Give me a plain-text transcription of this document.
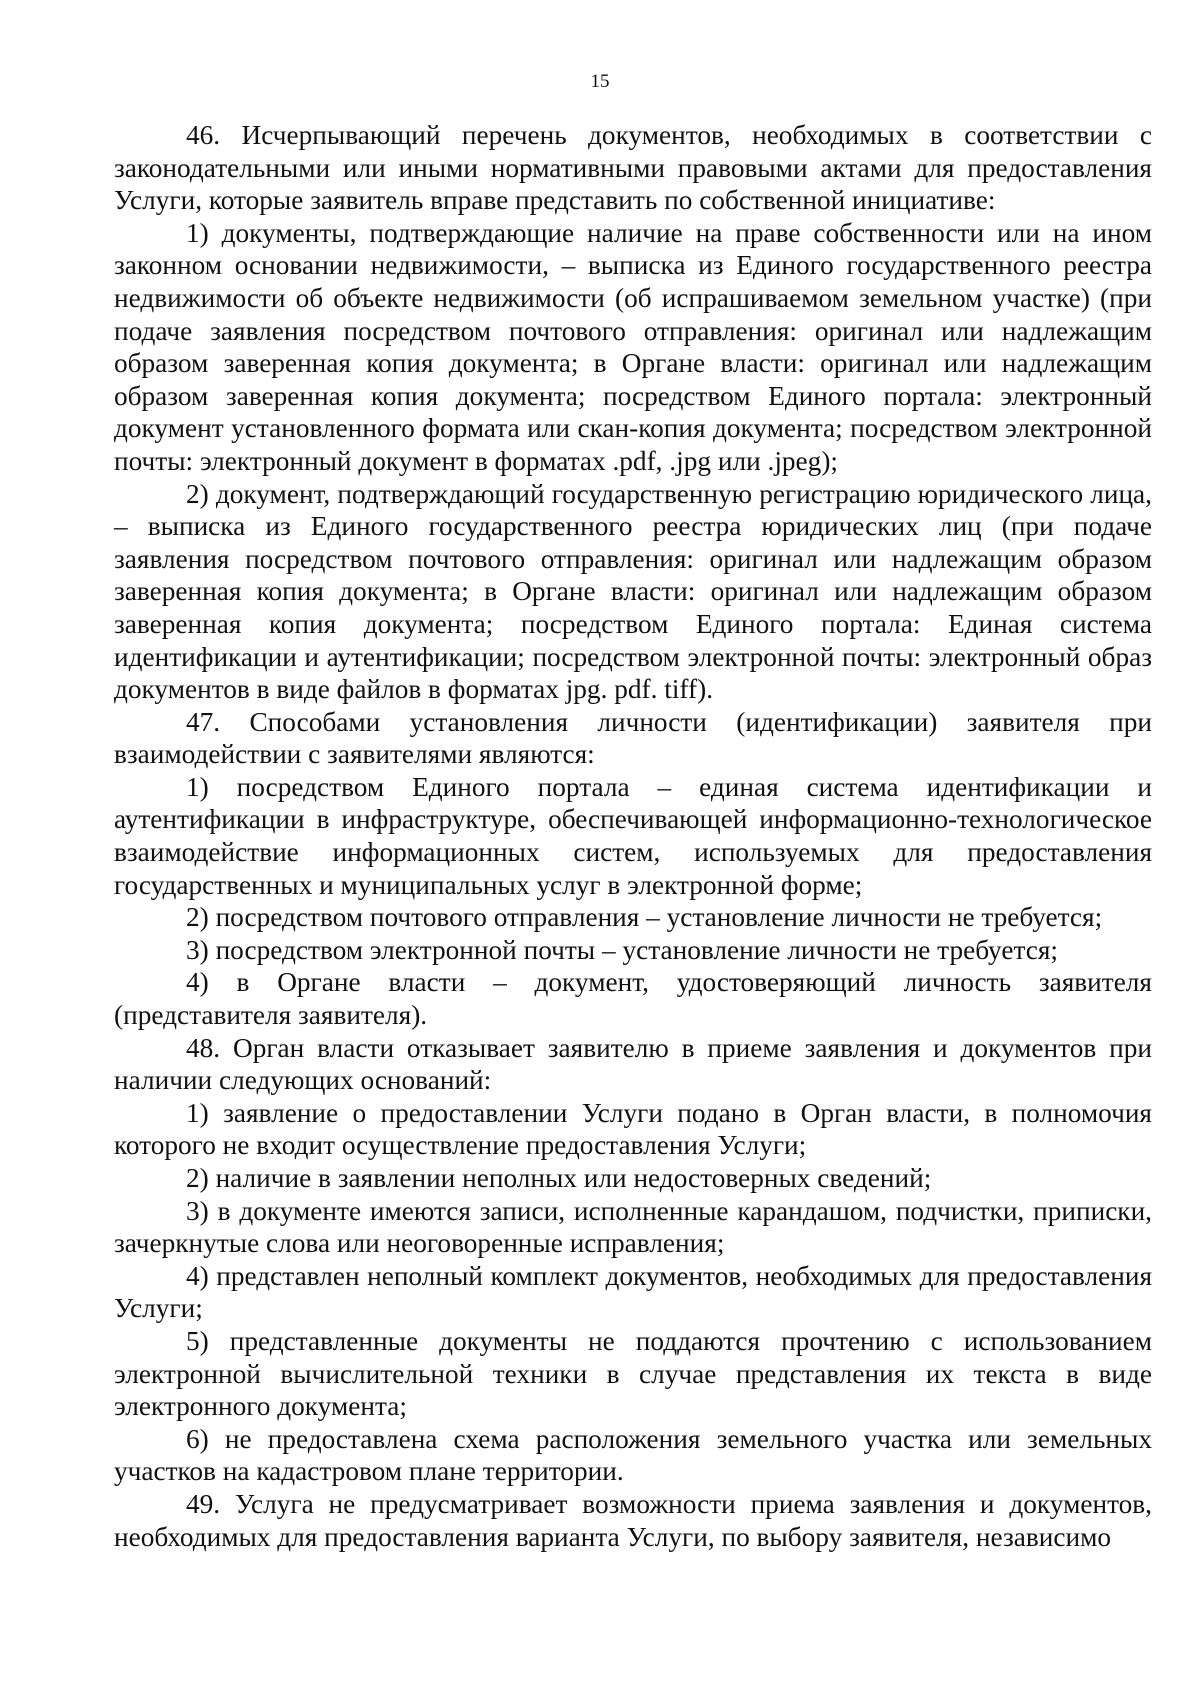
15

46. Исчерпывающий перечень документов, необходимых в соответствии с законодательными или иными нормативными правовыми актами для предоставления Услуги, которые заявитель вправе представить по собственной инициативе:

1) документы, подтверждающие наличие на праве собственности или на ином законном основании недвижимости, – выписка из Единого государственного реестра недвижимости об объекте недвижимости (об испрашиваемом земельном участке) (при подаче заявления посредством почтового отправления: оригинал или надлежащим образом заверенная копия документа; в Органе власти: оригинал или надлежащим образом заверенная копия документа; посредством Единого портала: электронный документ установленного формата или скан-копия документа; посредством электронной почты: электронный документ в форматах .pdf, .jpg или .jpeg);

2) документ, подтверждающий государственную регистрацию юридического лица, – выписка из Единого государственного реестра юридических лиц (при подаче заявления посредством почтового отправления: оригинал или надлежащим образом заверенная копия документа; в Органе власти: оригинал или надлежащим образом заверенная копия документа; посредством Единого портала: Единая система идентификации и аутентификации; посредством электронной почты: электронный образ документов в виде файлов в форматах jpg. pdf. tiff).

47. Способами установления личности (идентификации) заявителя при взаимодействии с заявителями являются:

1) посредством Единого портала – единая система идентификации и аутентификации в инфраструктуре, обеспечивающей информационно-технологическое взаимодействие информационных систем, используемых для предоставления государственных и муниципальных услуг в электронной форме;

2) посредством почтового отправления – установление личности не требуется;

3) посредством электронной почты – установление личности не требуется;

4) в Органе власти – документ, удостоверяющий личность заявителя (представителя заявителя).

48. Орган власти отказывает заявителю в приеме заявления и документов при наличии следующих оснований:

1) заявление о предоставлении Услуги подано в Орган власти, в полномочия которого не входит осуществление предоставления Услуги;

2) наличие в заявлении неполных или недостоверных сведений;

3) в документе имеются записи, исполненные карандашом, подчистки, приписки, зачеркнутые слова или неоговоренные исправления;

4) представлен неполный комплект документов, необходимых для предоставления Услуги;

5) представленные документы не поддаются прочтению с использованием электронной вычислительной техники в случае представления их текста в виде электронного документа;

6) не предоставлена схема расположения земельного участка или земельных участков на кадастровом плане территории.

49. Услуга не предусматривает возможности приема заявления и документов, необходимых для предоставления варианта Услуги, по выбору заявителя, независимо
